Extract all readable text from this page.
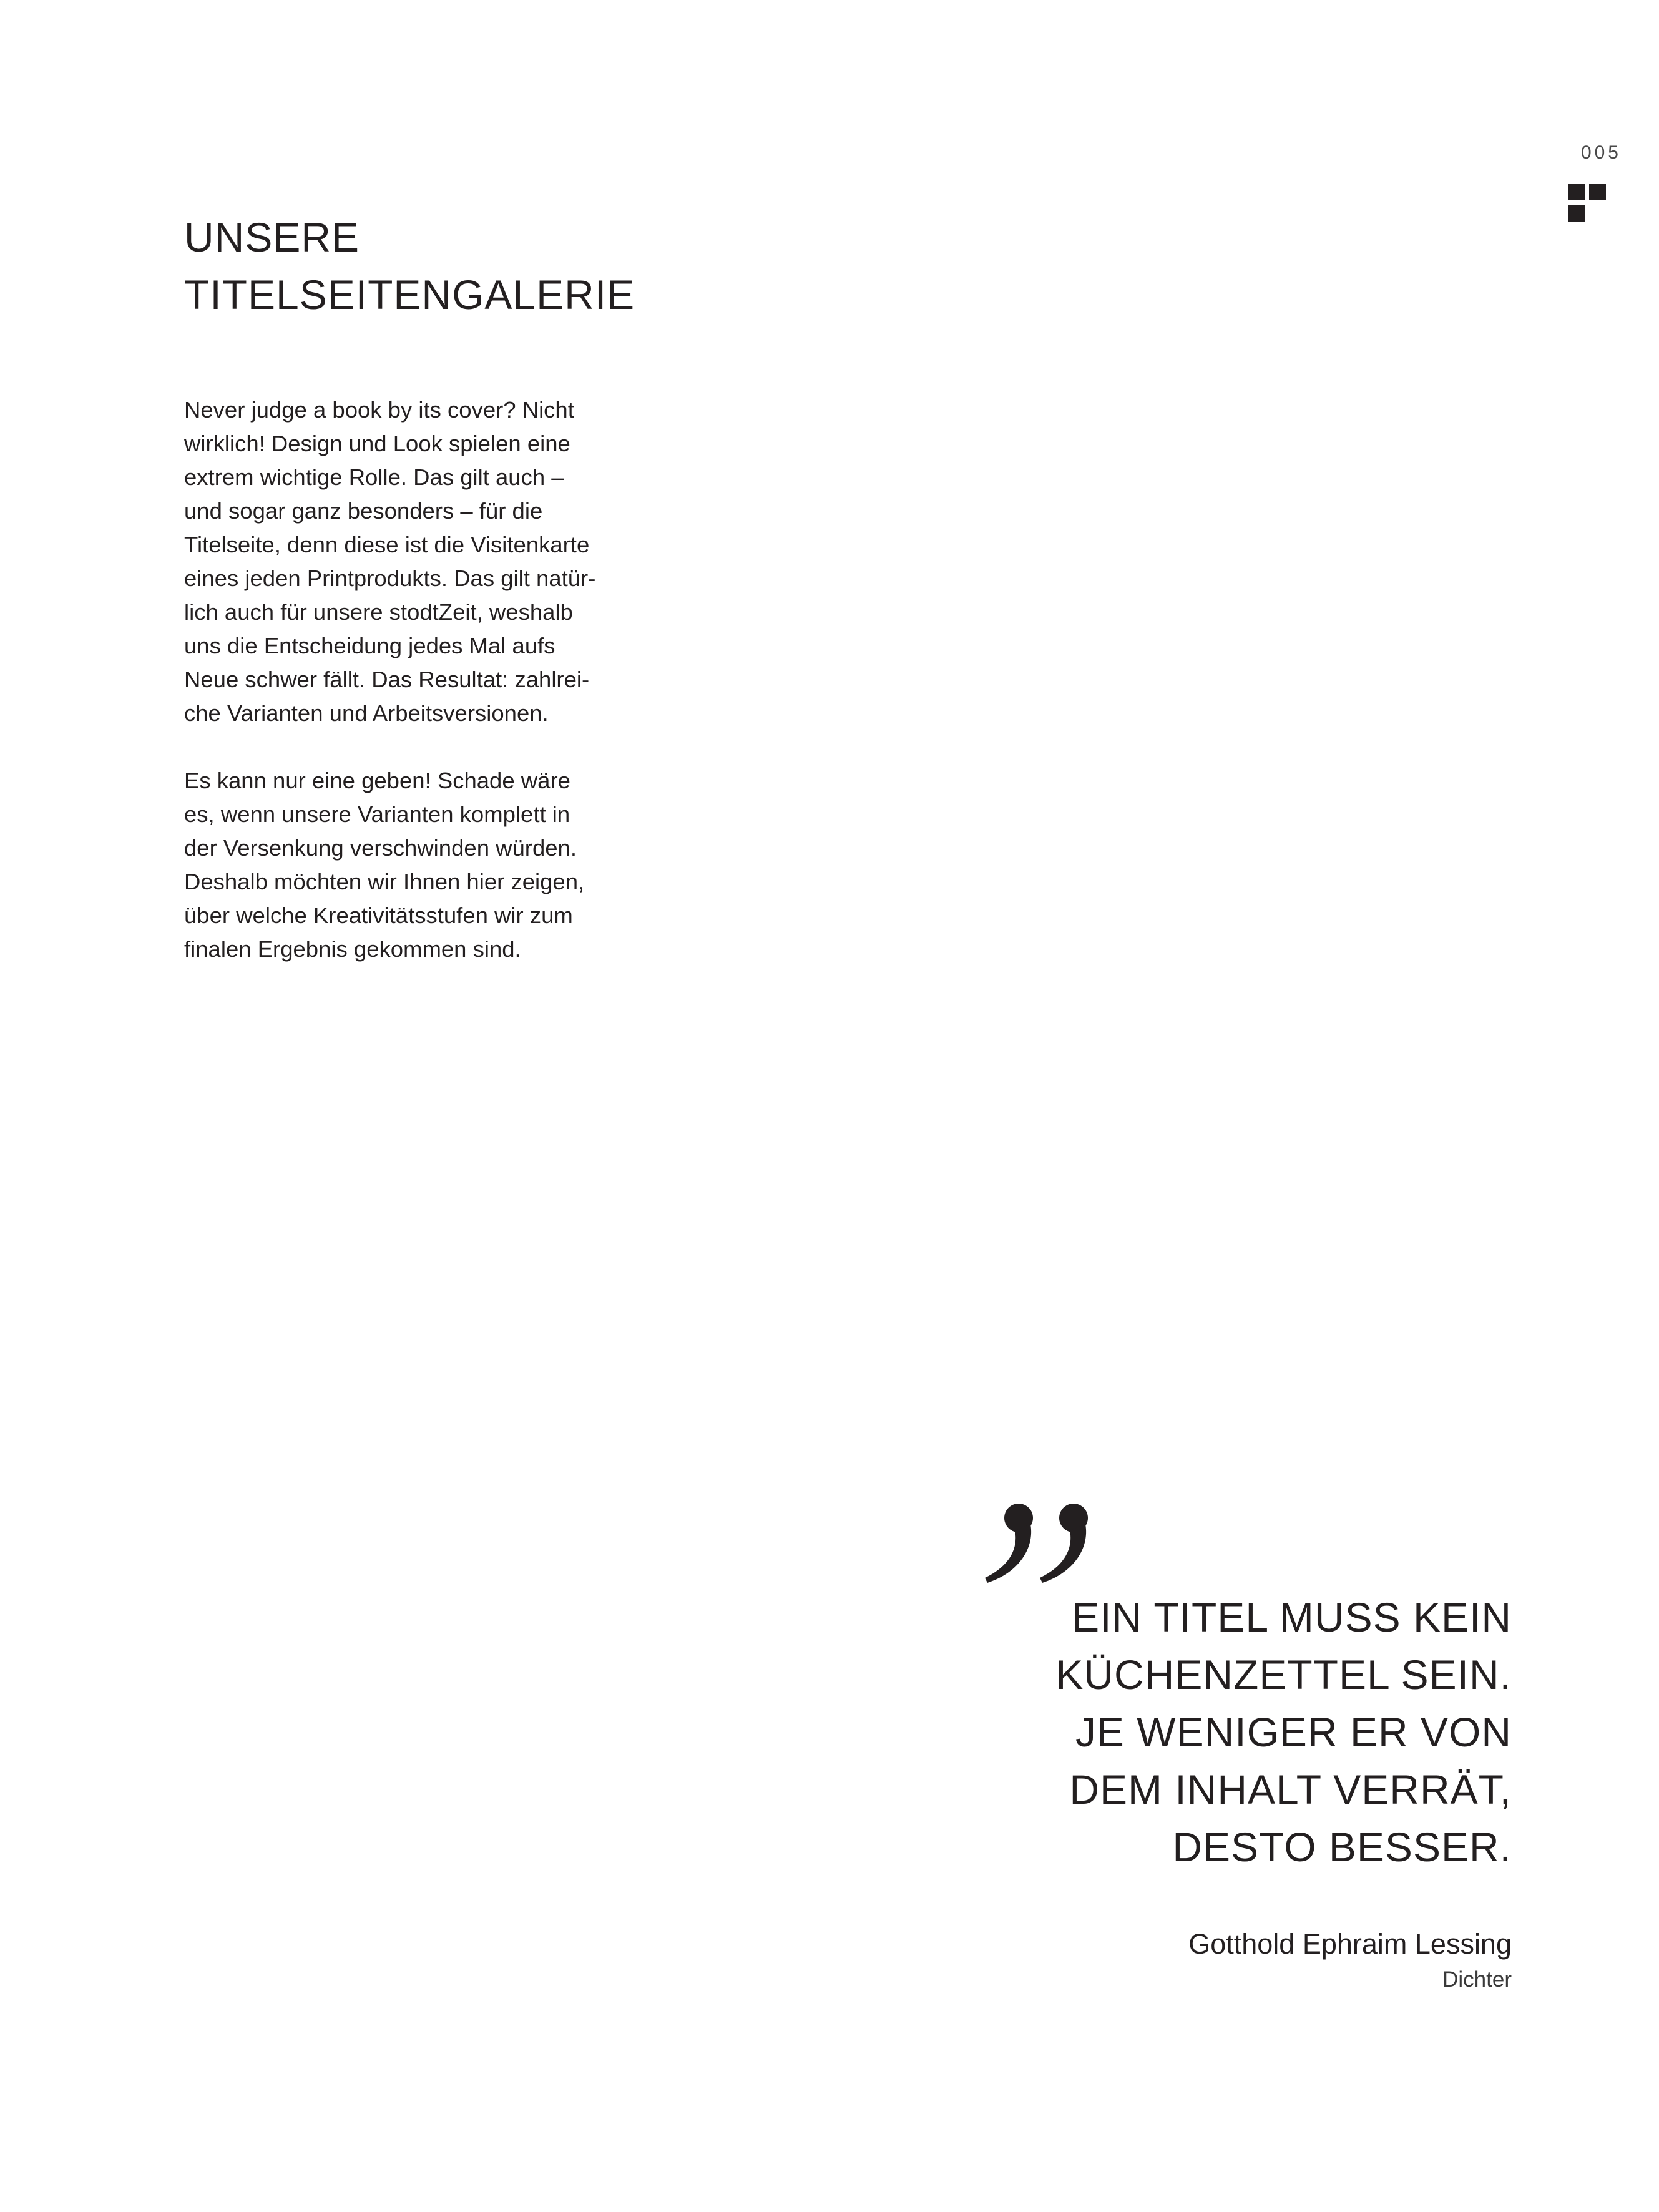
005
UNSERE
TITELSEITENGALERIE

Never judge a book by its cover? Nicht
wirklich! Design und Look spielen eine
extrem wichtige Rolle. Das gilt auch –
und sogar ganz besonders – für die
Titelseite, denn diese ist die Visitenkarte
eines jeden Printprodukts. Das gilt natür-
lich auch für unsere stodtZeit, weshalb
uns die Entscheidung jedes Mal aufs
Neue schwer fällt. Das Resultat: zahlrei-
che Varianten und Arbeitsversionen.

Es kann nur eine geben! Schade wäre
es, wenn unsere Varianten komplett in
der Versenkung verschwinden würden.
Deshalb möchten wir Ihnen hier zeigen,
über welche Kreativitätsstufen wir zum
finalen Ergebnis gekommen sind.

EIN TITEL MUSS KEIN
KÜCHENZETTEL SEIN.
JE WENIGER ER VON
DEM INHALT VERRÄT,
DESTO BESSER.
Gotthold Ephraim Lessing
Dichter
